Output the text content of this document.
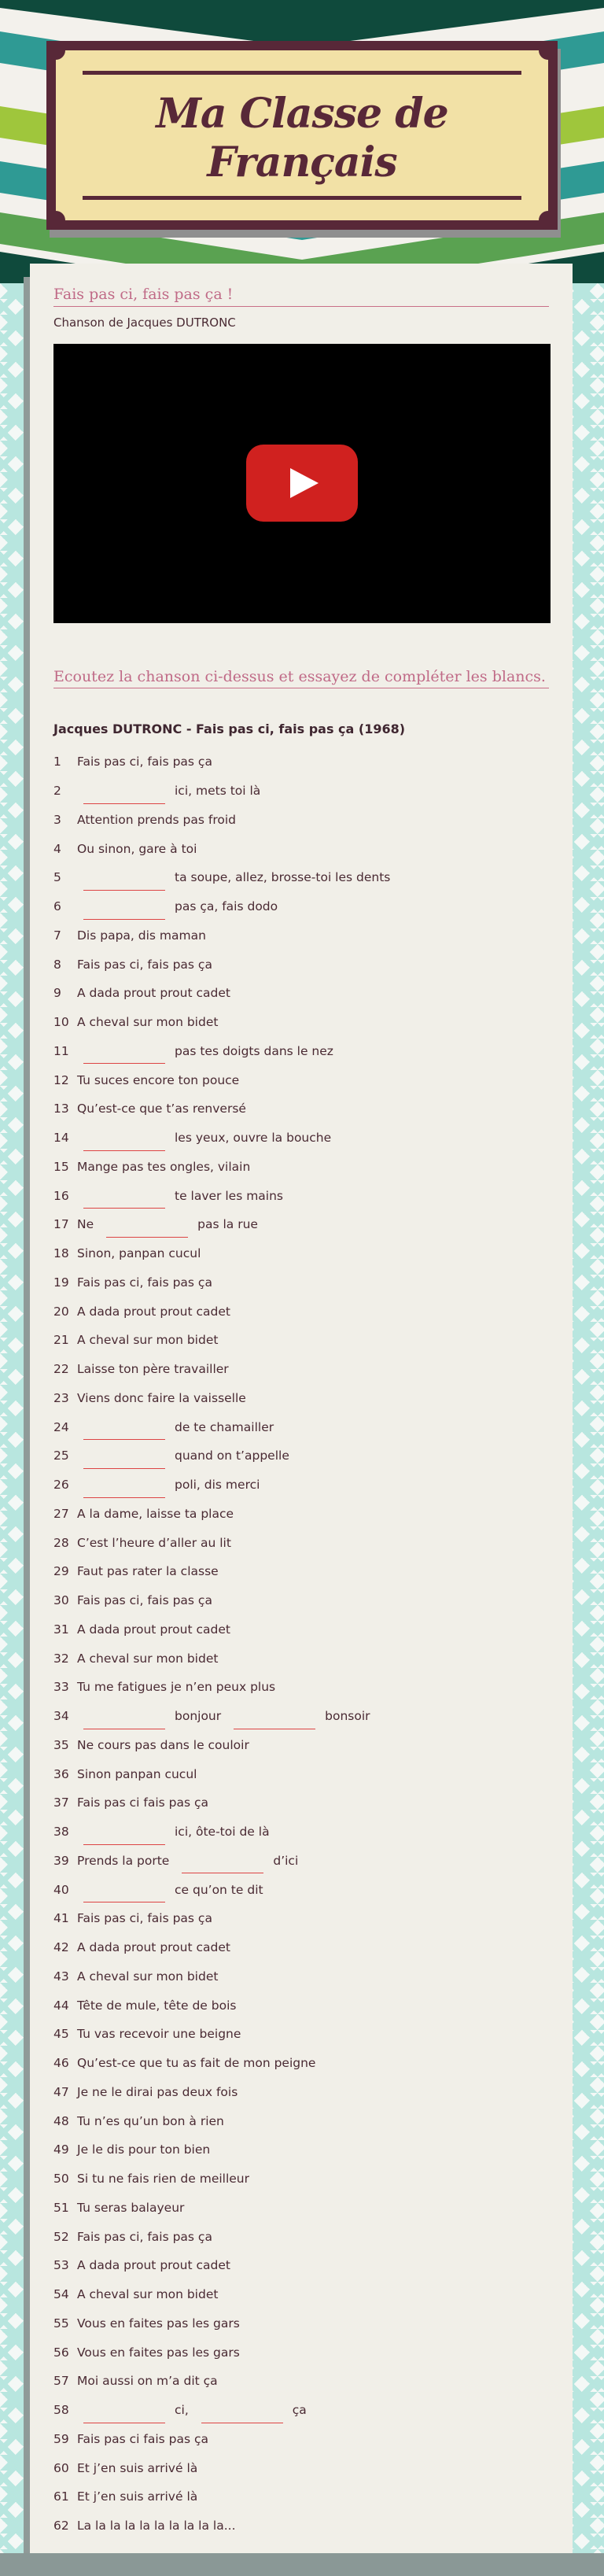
Ma Classe de
Français
Fais pas ci, fais pas ça !
Chanson de Jacques DUTRONC
Ecoutez la chanson ci-dessus et essayez de compléter les blancs.
Jacques DUTRONC - Fais pas ci, fais pas ça (1968)
1	Fais pas ci, fais pas ça
2	ici, mets toi là
3	Attention prends pas froid
4	Ou sinon, gare à toi
5	ta soupe, allez, brosse-toi les dents
6	pas ça, fais dodo
7	Dis papa, dis maman
8	Fais pas ci, fais pas ça
9	A dada prout prout cadet
10 A cheval sur mon bidet
11	pas tes doigts dans le nez
12 Tu suces encore ton pouce
13 Qu’est-ce que t’as renversé
14	les yeux, ouvre la bouche
15 Mange pas tes ongles, vilain
16	te laver les mains
17 Ne	pas la rue
18 Sinon, panpan cucul
19 Fais pas ci, fais pas ça
20 A dada prout prout cadet
21 A cheval sur mon bidet
22 Laisse ton père travailler
23 Viens donc faire la vaisselle
24	de te chamailler
25	quand on t’appelle
26	poli, dis merci
27 A la dame, laisse ta place
28 C’est l’heure d’aller au lit
29 Faut pas rater la classe
30 Fais pas ci, fais pas ça
31 A dada prout prout cadet
32 A cheval sur mon bidet
33 Tu me fatigues je n’en peux plus
34	bonjour	bonsoir
35 Ne cours pas dans le couloir
36 Sinon panpan cucul
37 Fais pas ci fais pas ça
38	ici, ôte-toi de là
39 Prends la porte	d’ici
40	ce qu’on te dit
41 Fais pas ci, fais pas ça
42 A dada prout prout cadet
43 A cheval sur mon bidet
44 Tête de mule, tête de bois
45 Tu vas recevoir une beigne
46 Qu’est-ce que tu as fait de mon peigne
47 Je ne le dirai pas deux fois
48 Tu n’es qu’un bon à rien
49 Je le dis pour ton bien
50 Si tu ne fais rien de meilleur
51 Tu seras balayeur
52 Fais pas ci, fais pas ça
53 A dada prout prout cadet
54 A cheval sur mon bidet
55 Vous en faites pas les gars
56 Vous en faites pas les gars
57 Moi aussi on m’a dit ça
58	ci,	ça
59 Fais pas ci fais pas ça
60 Et j’en suis arrivé là
61 Et j’en suis arrivé là
62 La la la la la la la la la la...
